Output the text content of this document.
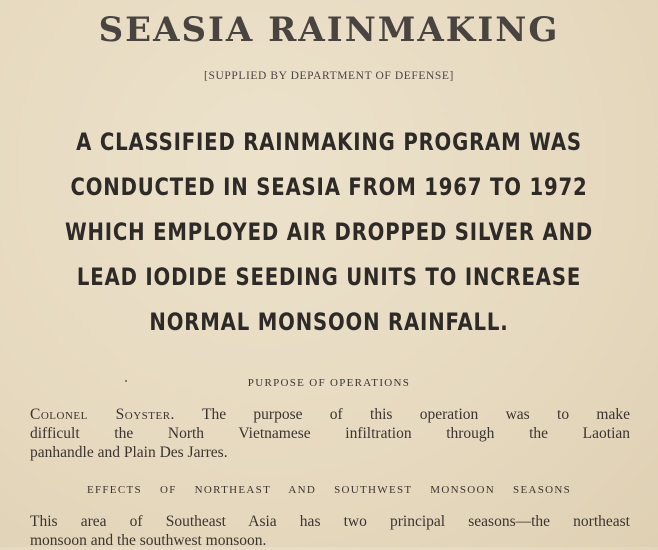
SEASIA RAINMAKING
[SUPPLIED BY DEPARTMENT OF DEFENSE]
A CLASSIFIED RAINMAKING PROGRAM WAS
CONDUCTED IN SEASIA FROM 1967 TO 1972
WHICH EMPLOYED AIR DROPPED SILVER AND
LEAD IODIDE SEEDING UNITS TO INCREASE
NORMAL MONSOON RAINFALL.
PURPOSE OF OPERATIONS
Colonel Soyster. The purpose of this operation was to make
difficult the North Vietnamese infiltration through the Laotian
panhandle and Plain Des Jarres.
EFFECTS OF NORTHEAST AND SOUTHWEST MONSOON SEASONS
This area of Southeast Asia has two principal seasons—the northeast
monsoon and the southwest monsoon.
